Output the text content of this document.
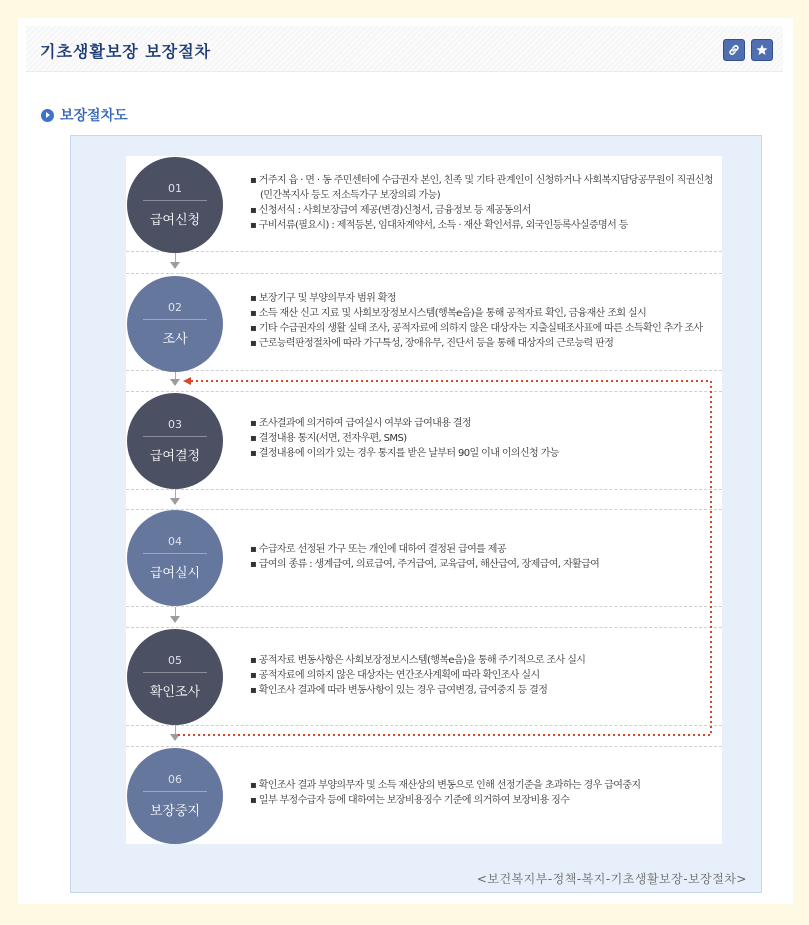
기초생활보장 보장절차
보장절차도
01
급여신청
▪ 거주지 읍 · 면 · 동 주민센터에 수급권자 본인, 친족 및 기타 관계인이 신청하거나 사회복지담당공무원이 직권신청
(민간복지사 등도 저소득가구 보장의뢰 가능)
▪ 신청서식 : 사회보장급여 제공(변경)신청서, 금융정보 등 제공동의서
▪ 구비서류(필요시) : 제적등본, 임대차계약서, 소득 · 재산 확인서류, 외국인등록사실증명서 등
02
조사
▪ 보장기구 및 부양의무자 범위 확정
▪ 소득 재산 신고 지료 및 사회보장정보시스템(행복e음)을 통해 공적자료 확인, 금융재산 조회 실시
▪ 기타 수급권자의 생활 실태 조사, 공적자료에 의하지 않은 대상자는 지출실태조사표에 따른 소득확인 추가 조사
▪ 근로능력판정절차에 따라 가구특성, 장애유무, 진단서 등을 통해 대상자의 근로능력 판정
03
급여결정
▪ 조사결과에 의거하여 급여실시 여부와 급여내용 결정
▪ 결정내용 통지(서면, 전자우편, SMS)
▪ 결정내용에 이의가 있는 경우 통지를 받은 날부터 90일 이내 이의신청 가능
04
급여실시
▪ 수급자로 선정된 가구 또는 개인에 대하여 결정된 급여를 제공
▪ 급여의 종류 : 생계급여, 의료급여, 주거급여, 교육급여, 해산급여, 장제급여, 자활급여
05
확인조사
▪ 공적자료 변동사항은 사회보장정보시스템(행복e음)을 통해 주기적으로 조사 실시
▪ 공적자료에 의하지 않은 대상자는 연간조사계획에 따라 확인조사 실시
▪ 확인조사 결과에 따라 변동사항이 있는 경우 급여변경, 급여중지 등 결정
06
보장중지
▪ 확인조사 결과 부양의무자 및 소득 재산상의 변동으로 인해 선정기준을 초과하는 경우 급여중지
▪ 일부 부정수급자 등에 대하여는 보장비용징수 기준에 의거하여 보장비용 징수
<보건복지부-정책-복지-기초생활보장-보장절차>
